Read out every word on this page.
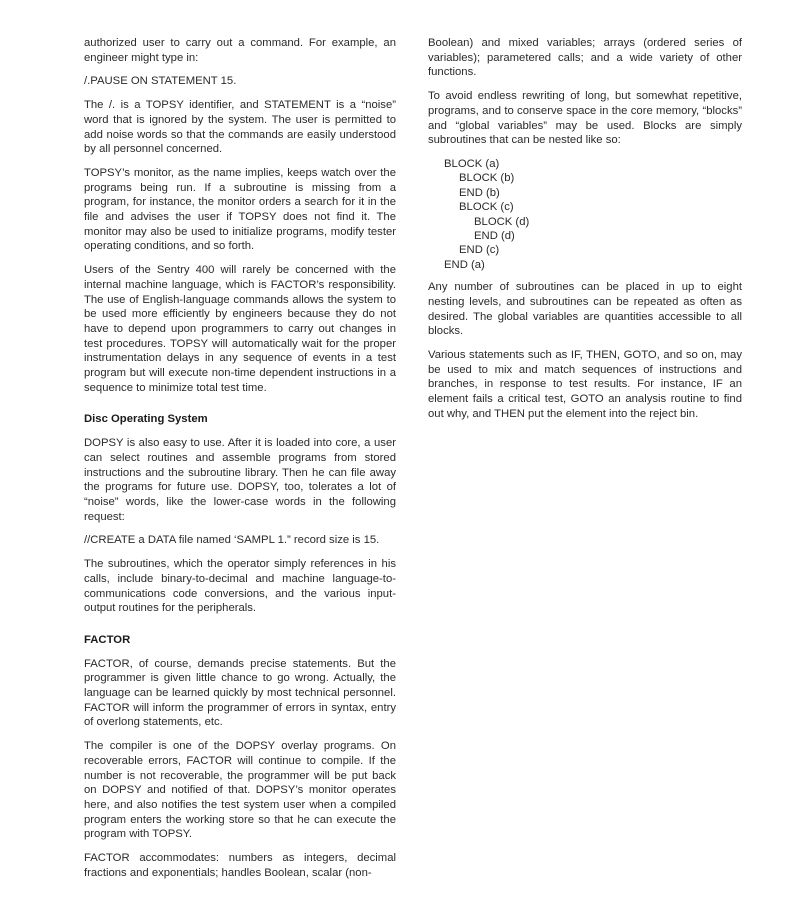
authorized user to carry out a command. For example, an engineer might type in:

/.PAUSE ON STATEMENT 15.

The /. is a TOPSY identifier, and STATEMENT is a “noise” word that is ignored by the system. The user is permitted to add noise words so that the commands are easily understood by all personnel concerned.

TOPSY’s monitor, as the name implies, keeps watch over the programs being run. If a subroutine is missing from a program, for instance, the monitor orders a search for it in the file and advises the user if TOPSY does not find it. The monitor may also be used to initialize programs, modify tester operating conditions, and so forth.

Users of the Sentry 400 will rarely be concerned with the internal machine language, which is FACTOR’s responsibility. The use of English-language commands allows the system to be used more efficiently by engineers because they do not have to depend upon programmers to carry out changes in test procedures. TOPSY will automatically wait for the proper instrumentation delays in any sequence of events in a test program but will execute non-time dependent instructions in a sequence to minimize total test time.

Disc Operating System

DOPSY is also easy to use. After it is loaded into core, a user can select routines and assemble programs from stored instructions and the subroutine library. Then he can file away the programs for future use. DOPSY, too, tolerates a lot of “noise” words, like the lower-case words in the following request:

//CREATE a DATA file named ‘SAMPL 1.” record size is 15.

The subroutines, which the operator simply references in his calls, include binary-to-decimal and machine language-to-communications code conversions, and the various input-output routines for the peripherals.

FACTOR

FACTOR, of course, demands precise statements. But the programmer is given little chance to go wrong. Actually, the language can be learned quickly by most technical personnel. FACTOR will inform the programmer of errors in syntax, entry of overlong statements, etc.

The compiler is one of the DOPSY overlay programs. On recoverable errors, FACTOR will continue to compile. If the number is not recoverable, the programmer will be put back on DOPSY and notified of that. DOPSY’s monitor operates here, and also notifies the test system user when a compiled program enters the working store so that he can execute the program with TOPSY.

FACTOR accommodates: numbers as integers, decimal fractions and exponentials; handles Boolean, scalar (non-

Boolean) and mixed variables; arrays (ordered series of variables); parametered calls; and a wide variety of other functions.

To avoid endless rewriting of long, but somewhat repetitive, programs, and to conserve space in the core memory, “blocks” and “global variables” may be used. Blocks are simply subroutines that can be nested like so:

BLOCK (a)
BLOCK (b)
END (b)
BLOCK (c)
BLOCK (d)
END (d)
END (c)
END (a)

Any number of subroutines can be placed in up to eight nesting levels, and subroutines can be repeated as often as desired. The global variables are quantities accessible to all blocks.

Various statements such as IF, THEN, GOTO, and so on, may be used to mix and match sequences of instructions and branches, in response to test results. For instance, IF an element fails a critical test, GOTO an analysis routine to find out why, and THEN put the element into the reject bin.
